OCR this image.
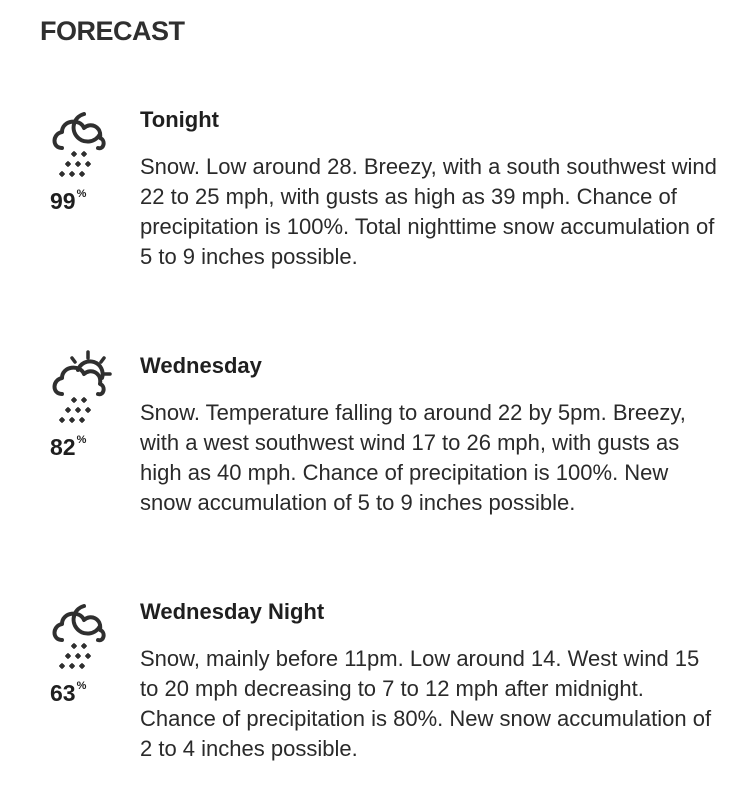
FORECAST
99%

Tonight

Snow. Low around 28. Breezy, with a south southwest wind 22 to 25 mph, with gusts as high as 39 mph. Chance of precipitation is 100%. Total nighttime snow accumulation of 5 to 9 inches possible.

82%

Wednesday

Snow. Temperature falling to around 22 by 5pm. Breezy, with a west southwest wind 17 to 26 mph, with gusts as high as 40 mph. Chance of precipitation is 100%. New snow accumulation of 5 to 9 inches possible.

63%

Wednesday Night

Snow, mainly before 11pm. Low around 14. West wind 15 to 20 mph decreasing to 7 to 12 mph after midnight. Chance of precipitation is 80%. New snow accumulation of 2 to 4 inches possible.
